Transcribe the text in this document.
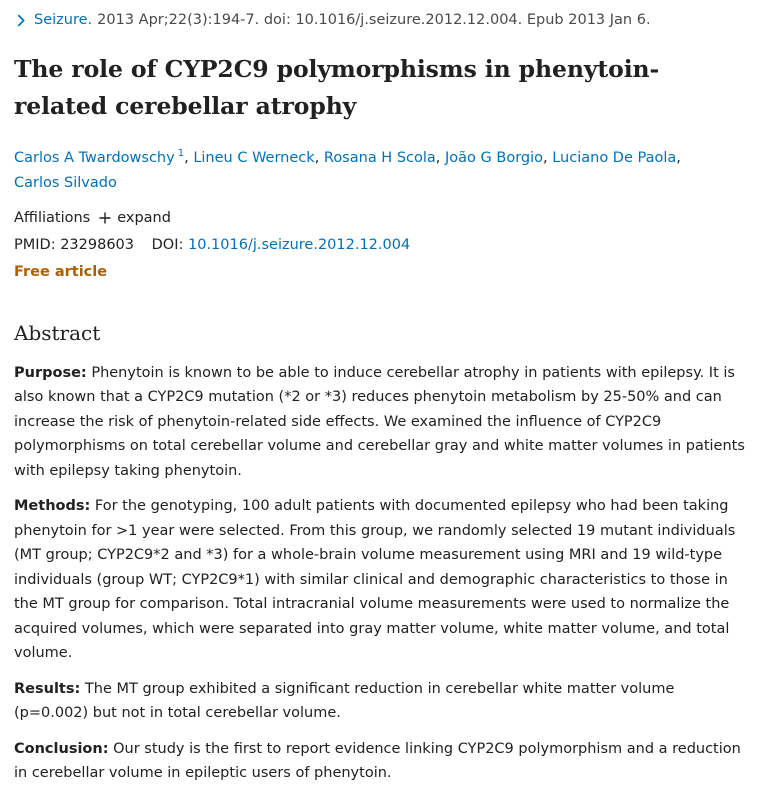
Seizure. 2013 Apr;22(3):194-7. doi: 10.1016/j.seizure.2012.12.004. Epub 2013 Jan 6.
The role of CYP2C9 polymorphisms in phenytoin-related cerebellar atrophy
Carlos A Twardowschy $^1$, Lineu C Werneck, Rosana H Scola, João G Borgio, Luciano De Paola, Carlos Silvado
Affiliations expand
PMID: 23298603 DOI: 10.1016/j.seizure.2012.12.004
Free article
Abstract
Purpose: Phenytoin is known to be able to induce cerebellar atrophy in patients with epilepsy. It is also known that a CYP2C9 mutation (*2 or *3) reduces phenytoin metabolism by 25-50% and can increase the risk of phenytoin-related side effects. We examined the influence of CYP2C9 polymorphisms on total cerebellar volume and cerebellar gray and white matter volumes in patients with epilepsy taking phenytoin.
Methods: For the genotyping, 100 adult patients with documented epilepsy who had been taking phenytoin for >1 year were selected. From this group, we randomly selected 19 mutant individuals (MT group; CYP2C9*2 and *3) for a whole-brain volume measurement using MRI and 19 wild-type individuals (group WT; CYP2C9*1) with similar clinical and demographic characteristics to those in the MT group for comparison. Total intracranial volume measurements were used to normalize the acquired volumes, which were separated into gray matter volume, white matter volume, and total volume.
Results: The MT group exhibited a significant reduction in cerebellar white matter volume (p=0.002) but not in total cerebellar volume.
Conclusion: Our study is the first to report evidence linking CYP2C9 polymorphism and a reduction in cerebellar volume in epileptic users of phenytoin.
